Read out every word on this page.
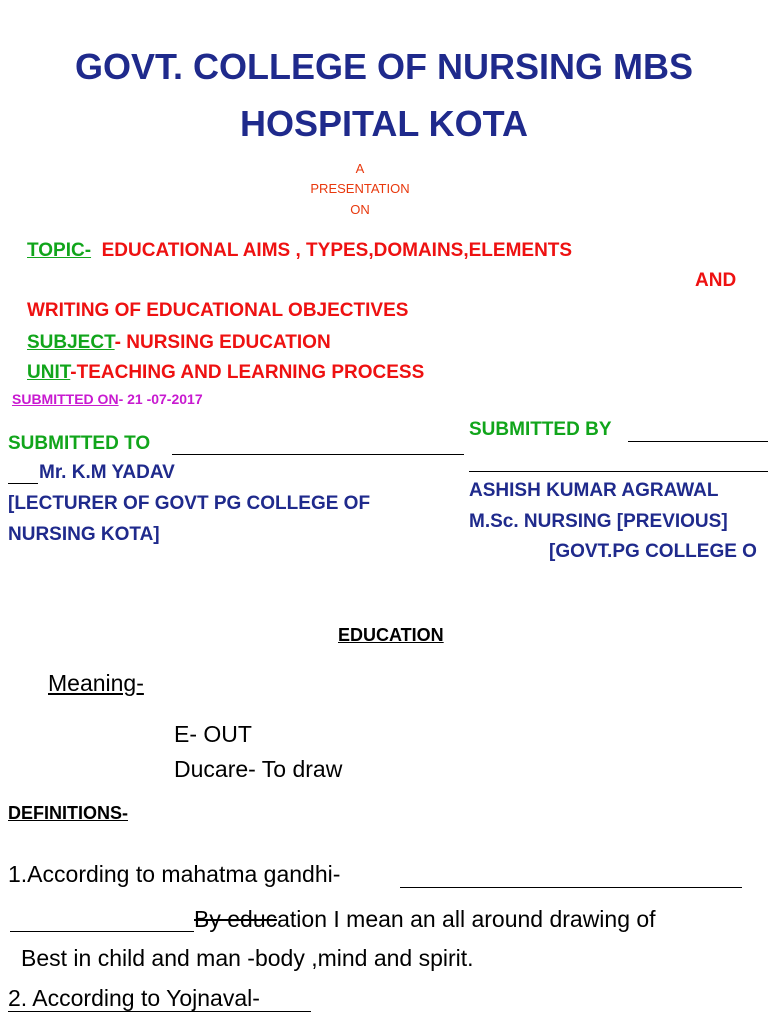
GOVT. COLLEGE OF NURSING MBS
HOSPITAL KOTA
A
PRESENTATION
ON
TOPIC- EDUCATIONAL AIMS , TYPES,DOMAINS,ELEMENTS
AND
WRITING OF EDUCATIONAL OBJECTIVES
SUBJECT- NURSING EDUCATION
UNIT-TEACHING AND LEARNING PROCESS
SUBMITTED ON- 21 -07-2017
SUBMITTED TO
Mr. K.M YADAV
[LECTURER OF GOVT PG COLLEGE OF
NURSING KOTA]
SUBMITTED BY
ASHISH KUMAR AGRAWAL
M.Sc. NURSING [PREVIOUS]
[GOVT.PG COLLEGE O
EDUCATION
Meaning-
E- OUT
Ducare- To draw
DEFINITIONS-
1.According to mahatma gandhi-
By education I mean an all around drawing of
Best in child and man -body ,mind and spirit.
2. According to Yojnaval-
